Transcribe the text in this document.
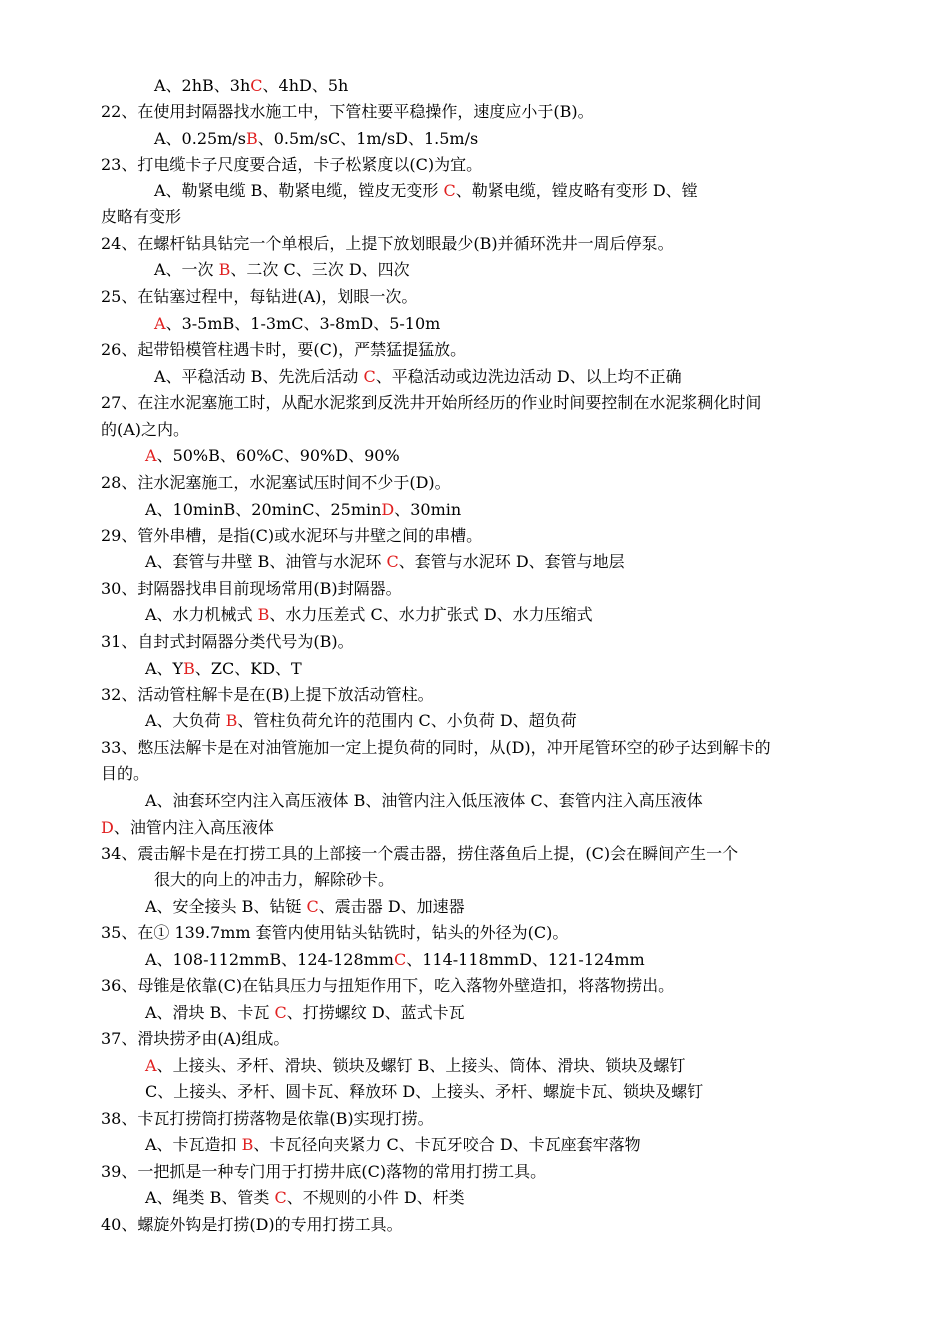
A、2hB、3hC、4hD、5h
22、在使用封隔器找水施工中，下管柱要平稳操作，速度应小于(B)。
A、0.25m/sB、0.5m/sC、1m/sD、1.5m/s
23、打电缆卡子尺度要合适，卡子松紧度以(C)为宜。
A、勒紧电缆 B、勒紧电缆，镗皮无变形 C、勒紧电缆，镗皮略有变形 D、镗
皮略有变形
24、在螺杆钻具钻完一个单根后，上提下放划眼最少(B)并循环洗井一周后停泵。
A、一次 B、二次 C、三次 D、四次
25、在钻塞过程中，每钻进(A)，划眼一次。
A、3-5mB、1-3mC、3-8mD、5-10m
26、起带铅模管柱遇卡时，要(C)，严禁猛提猛放。
A、平稳活动 B、先洗后活动 C、平稳活动或边洗边活动 D、以上均不正确
27、在注水泥塞施工时，从配水泥浆到反洗井开始所经历的作业时间要控制在水泥浆稠化时间
的(A)之内。
A、50%B、60%C、90%D、90%
28、注水泥塞施工，水泥塞试压时间不少于(D)。
A、10minB、20minC、25minD、30min
29、管外串槽，是指(C)或水泥环与井壁之间的串槽。
A、套管与井壁 B、油管与水泥环 C、套管与水泥环 D、套管与地层
30、封隔器找串目前现场常用(B)封隔器。
A、水力机械式 B、水力压差式 C、水力扩张式 D、水力压缩式
31、自封式封隔器分类代号为(B)。
A、YB、ZC、KD、T
32、活动管柱解卡是在(B)上提下放活动管柱。
A、大负荷 B、管柱负荷允许的范围内 C、小负荷 D、超负荷
33、憋压法解卡是在对油管施加一定上提负荷的同时，从(D)，冲开尾管环空的砂子达到解卡的
目的。
A、油套环空内注入高压液体 B、油管内注入低压液体 C、套管内注入高压液体
D、油管内注入高压液体
34、震击解卡是在打捞工具的上部接一个震击器，捞住落鱼后上提，(C)会在瞬间产生一个
很大的向上的冲击力，解除砂卡。
A、安全接头 B、钻铤 C、震击器 D、加速器
35、在① 139.7mm 套管内使用钻头钻铣时，钻头的外径为(C)。
A、108-112mmB、124-128mmC、114-118mmD、121-124mm
36、母锥是依靠(C)在钻具压力与扭矩作用下，吃入落物外壁造扣，将落物捞出。
A、滑块 B、卡瓦 C、打捞螺纹 D、蓝式卡瓦
37、滑块捞矛由(A)组成。
A、上接头、矛杆、滑块、锁块及螺钉 B、上接头、筒体、滑块、锁块及螺钉
C、上接头、矛杆、圆卡瓦、释放环 D、上接头、矛杆、螺旋卡瓦、锁块及螺钉
38、卡瓦打捞筒打捞落物是依靠(B)实现打捞。
A、卡瓦造扣 B、卡瓦径向夹紧力 C、卡瓦牙咬合 D、卡瓦座套牢落物
39、一把抓是一种专门用于打捞井底(C)落物的常用打捞工具。
A、绳类 B、管类 C、不规则的小件 D、杆类
40、螺旋外钩是打捞(D)的专用打捞工具。
